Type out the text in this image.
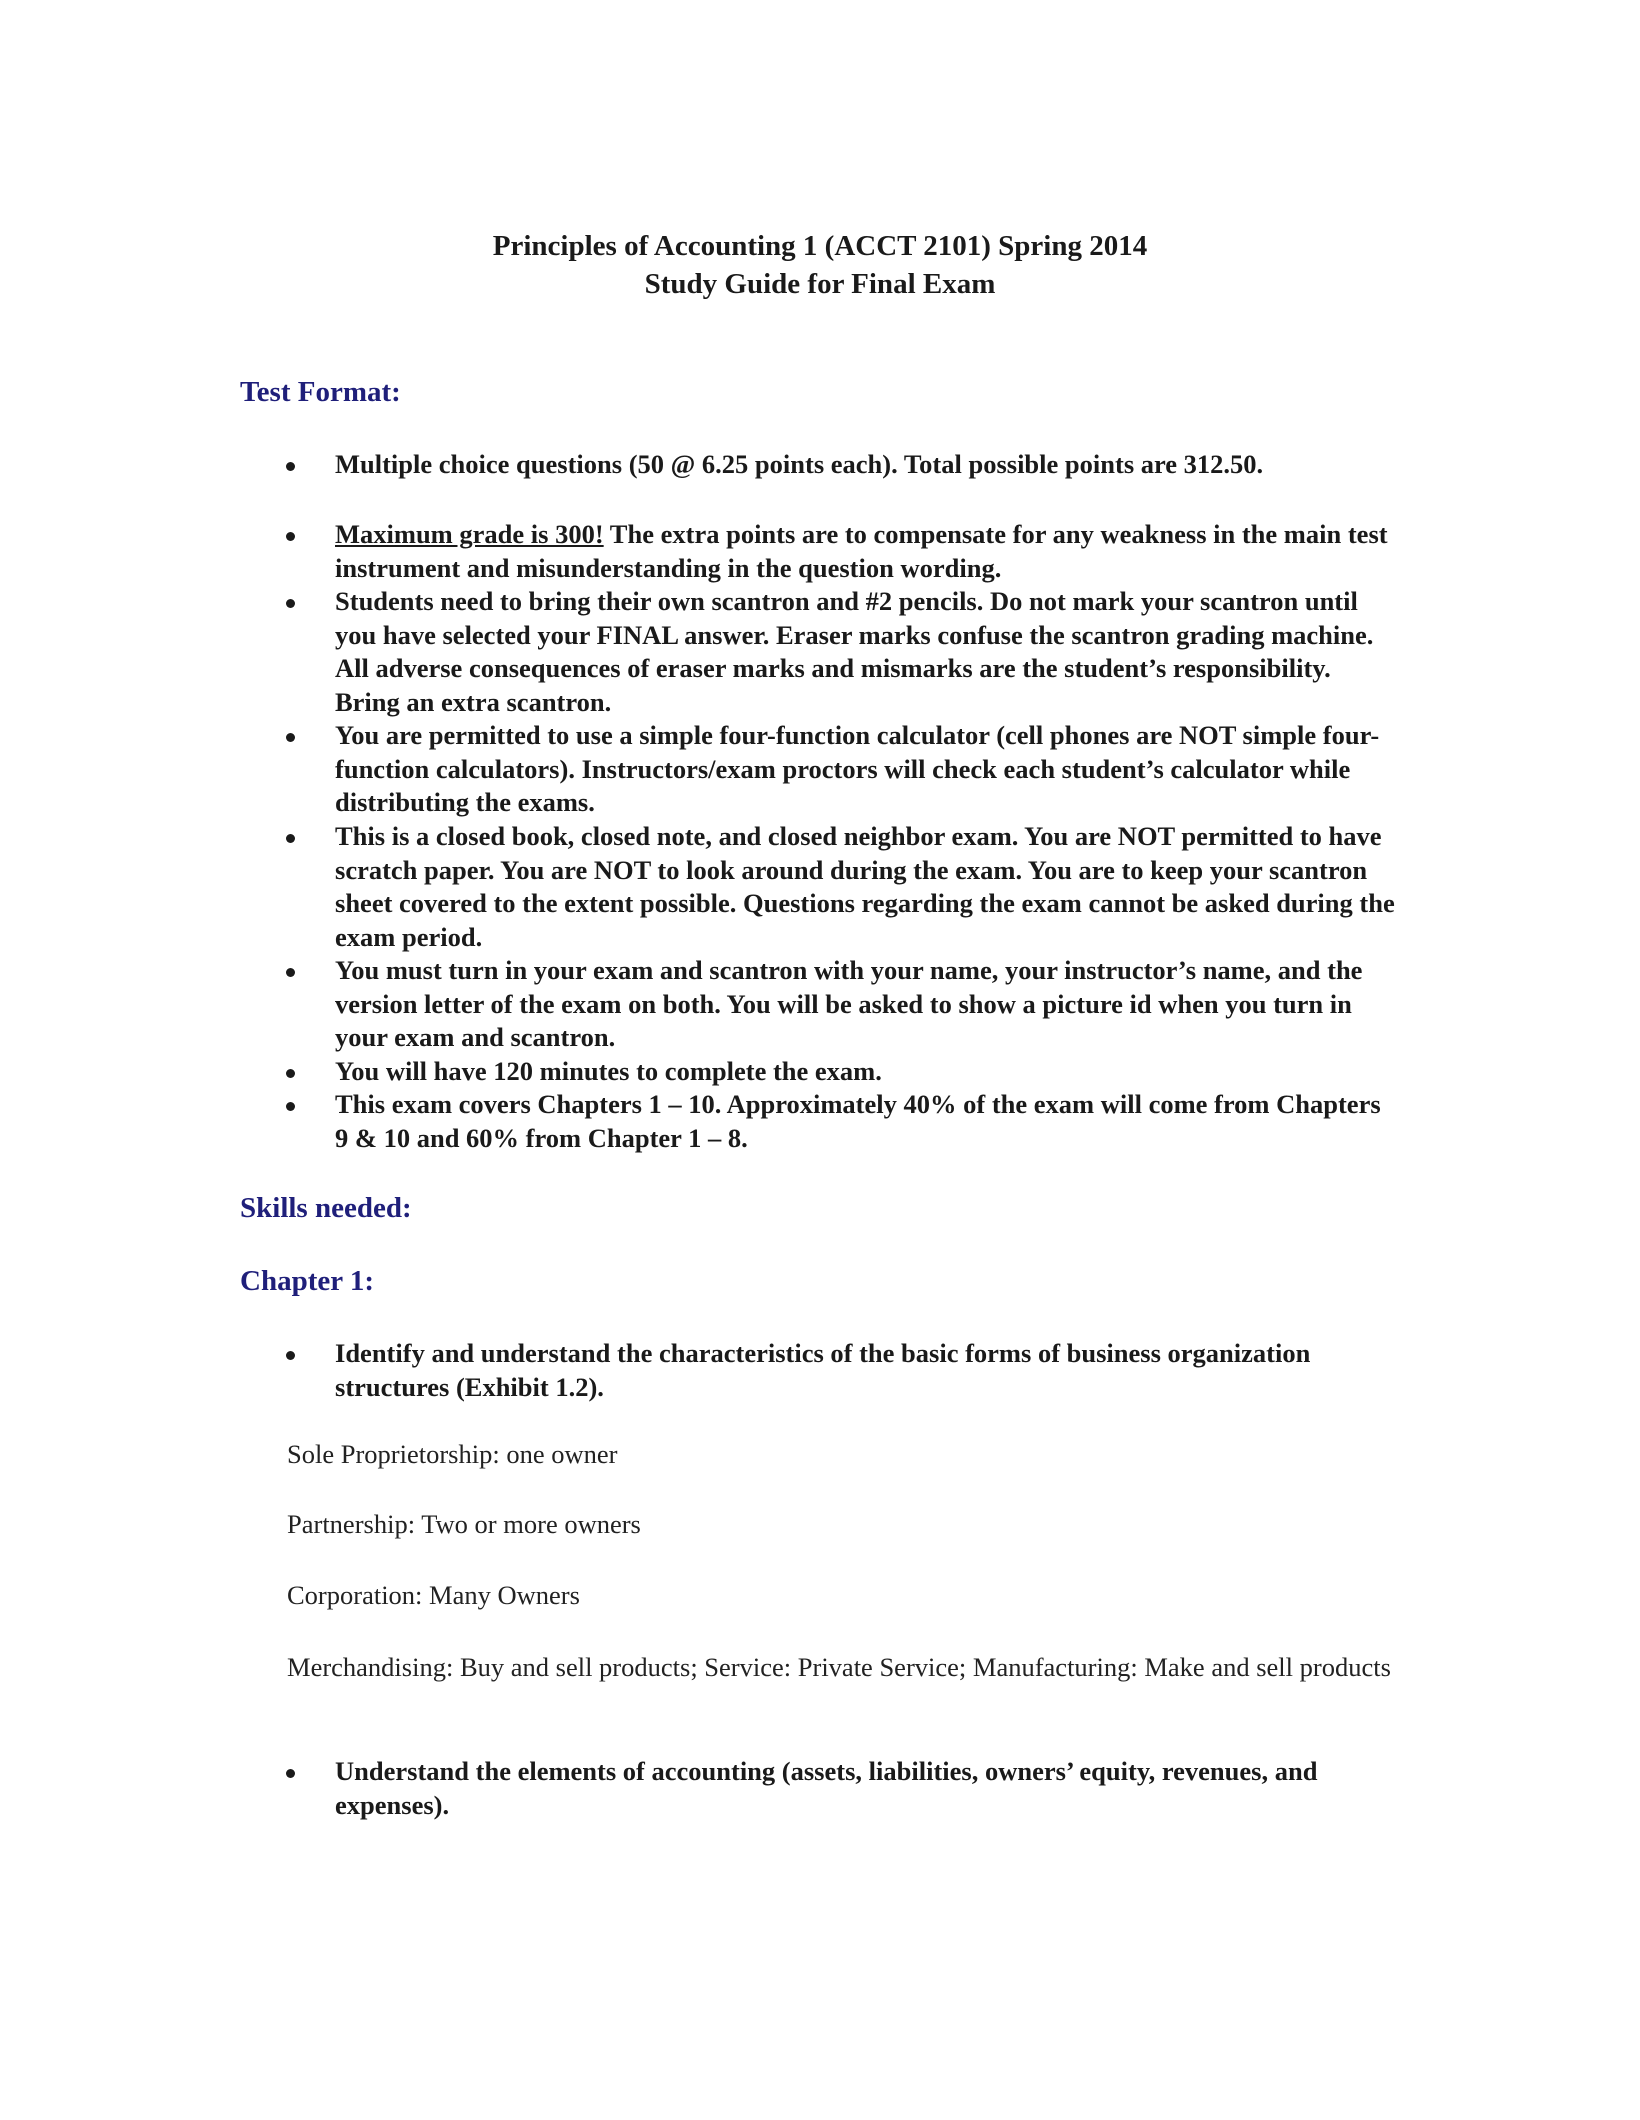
Principles of Accounting 1 (ACCT 2101) Spring 2014
Study Guide for Final Exam
Test Format:

Multiple choice questions (50 @ 6.25 points each). Total possible points are 312.50.

Maximum grade is 300! The extra points are to compensate for any weakness in the main test instrument and misunderstanding in the question wording.

Students need to bring their own scantron and #2 pencils. Do not mark your scantron until you have selected your FINAL answer. Eraser marks confuse the scantron grading machine. All adverse consequences of eraser marks and mismarks are the student’s responsibility. Bring an extra scantron.

You are permitted to use a simple four-function calculator (cell phones are NOT simple four-function calculators). Instructors/exam proctors will check each student’s calculator while distributing the exams.

This is a closed book, closed note, and closed neighbor exam. You are NOT permitted to have scratch paper. You are NOT to look around during the exam. You are to keep your scantron sheet covered to the extent possible. Questions regarding the exam cannot be asked during the exam period.

You must turn in your exam and scantron with your name, your instructor’s name, and the version letter of the exam on both. You will be asked to show a picture id when you turn in your exam and scantron.

You will have 120 minutes to complete the exam.

This exam covers Chapters 1 – 10. Approximately 40% of the exam will come from Chapters 9 & 10 and 60% from Chapter 1 – 8.

Skills needed:
Chapter 1:

Identify and understand the characteristics of the basic forms of business organization structures (Exhibit 1.2).

Sole Proprietorship: one owner

Partnership: Two or more owners

Corporation: Many Owners

Merchandising: Buy and sell products; Service: Private Service; Manufacturing: Make and sell products

Understand the elements of accounting (assets, liabilities, owners’ equity, revenues, and expenses).
